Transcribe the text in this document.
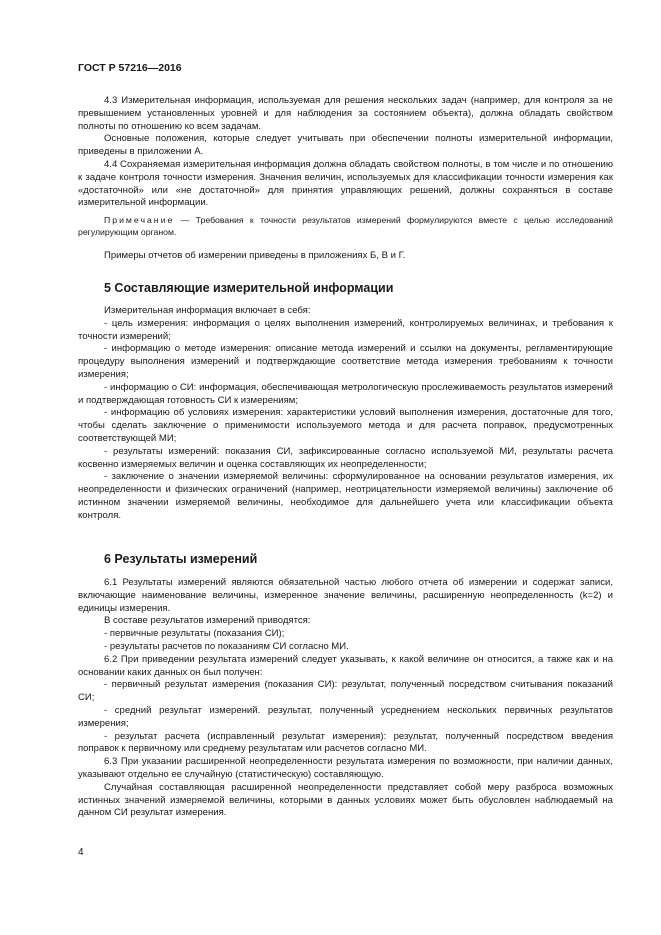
ГОСТ Р 57216—2016

4.3 Измерительная информация, используемая для решения нескольких задач (например, для контроля за не превышением установленных уровней и для наблюдения за состоянием объекта), должна обладать свойством полноты по отношению ко всем задачам.

Основные положения, которые следует учитывать при обеспечении полноты измерительной информации, приведены в приложении А.

4.4 Сохраняемая измерительная информация должна обладать свойством полноты, в том числе и по отношению к задаче контроля точности измерения. Значения величин, используемых для классификации точности измерения как «достаточной» или «не достаточной» для принятия управляющих решений, должны сохраняться в составе измерительной информации.

Примечание — Требования к точности результатов измерений формулируются вместе с целью исследований регулирующим органом.

Примеры отчетов об измерении приведены в приложениях Б, В и Г.

5 Составляющие измерительной информации

Измерительная информация включает в себя:

- цель измерения: информация о целях выполнения измерений, контролируемых величинах, и требования к точности измерений;

- информацию о методе измерения: описание метода измерений и ссылки на документы, регламентирующие процедуру выполнения измерений и подтверждающие соответствие метода измерения требованиям к точности измерения;

- информацию о СИ: информация, обеспечивающая метрологическую прослеживаемость результатов измерений и подтверждающая готовность СИ к измерениям;

- информацию об условиях измерения: характеристики условий выполнения измерения, достаточные для того, чтобы сделать заключение о применимости используемого метода и для расчета поправок, предусмотренных соответствующей МИ;

- результаты измерений: показания СИ, зафиксированные согласно используемой МИ, результаты расчета косвенно измеряемых величин и оценка составляющих их неопределенности;

- заключение о значении измеряемой величины: сформулированное на основании результатов измерения, их неопределенности и физических ограничений (например, неотрицательности измеряемой величины) заключение об истинном значении измеряемой величины, необходимое для дальнейшего учета или классификации объекта контроля.

6 Результаты измерений

6.1 Результаты измерений являются обязательной частью любого отчета об измерении и содержат записи, включающие наименование величины, измеренное значение величины, расширенную неопределенность (k=2) и единицы измерения.

В составе результатов измерений приводятся:

- первичные результаты (показания СИ);

- результаты расчетов по показаниям СИ согласно МИ.

6.2 При приведении результата измерений следует указывать, к какой величине он относится, а также как и на основании каких данных он был получен:

- первичный результат измерения (показания СИ): результат, полученный посредством считывания показаний СИ;

- средний результат измерений. результат, полученный усреднением нескольких первичных результатов измерения;

- результат расчета (исправленный результат измерения): результат, полученный посредством введения поправок к первичному или среднему результатам или расчетов согласно МИ.

6.3 При указании расширенной неопределенности результата измерения по возможности, при наличии данных, указывают отдельно ее случайную (статистическую) составляющую.

Случайная составляющая расширенной неопределенности представляет собой меру разброса возможных истинных значений измеряемой величины, которыми в данных условиях может быть обусловлен наблюдаемый на данном СИ результат измерения.

4
